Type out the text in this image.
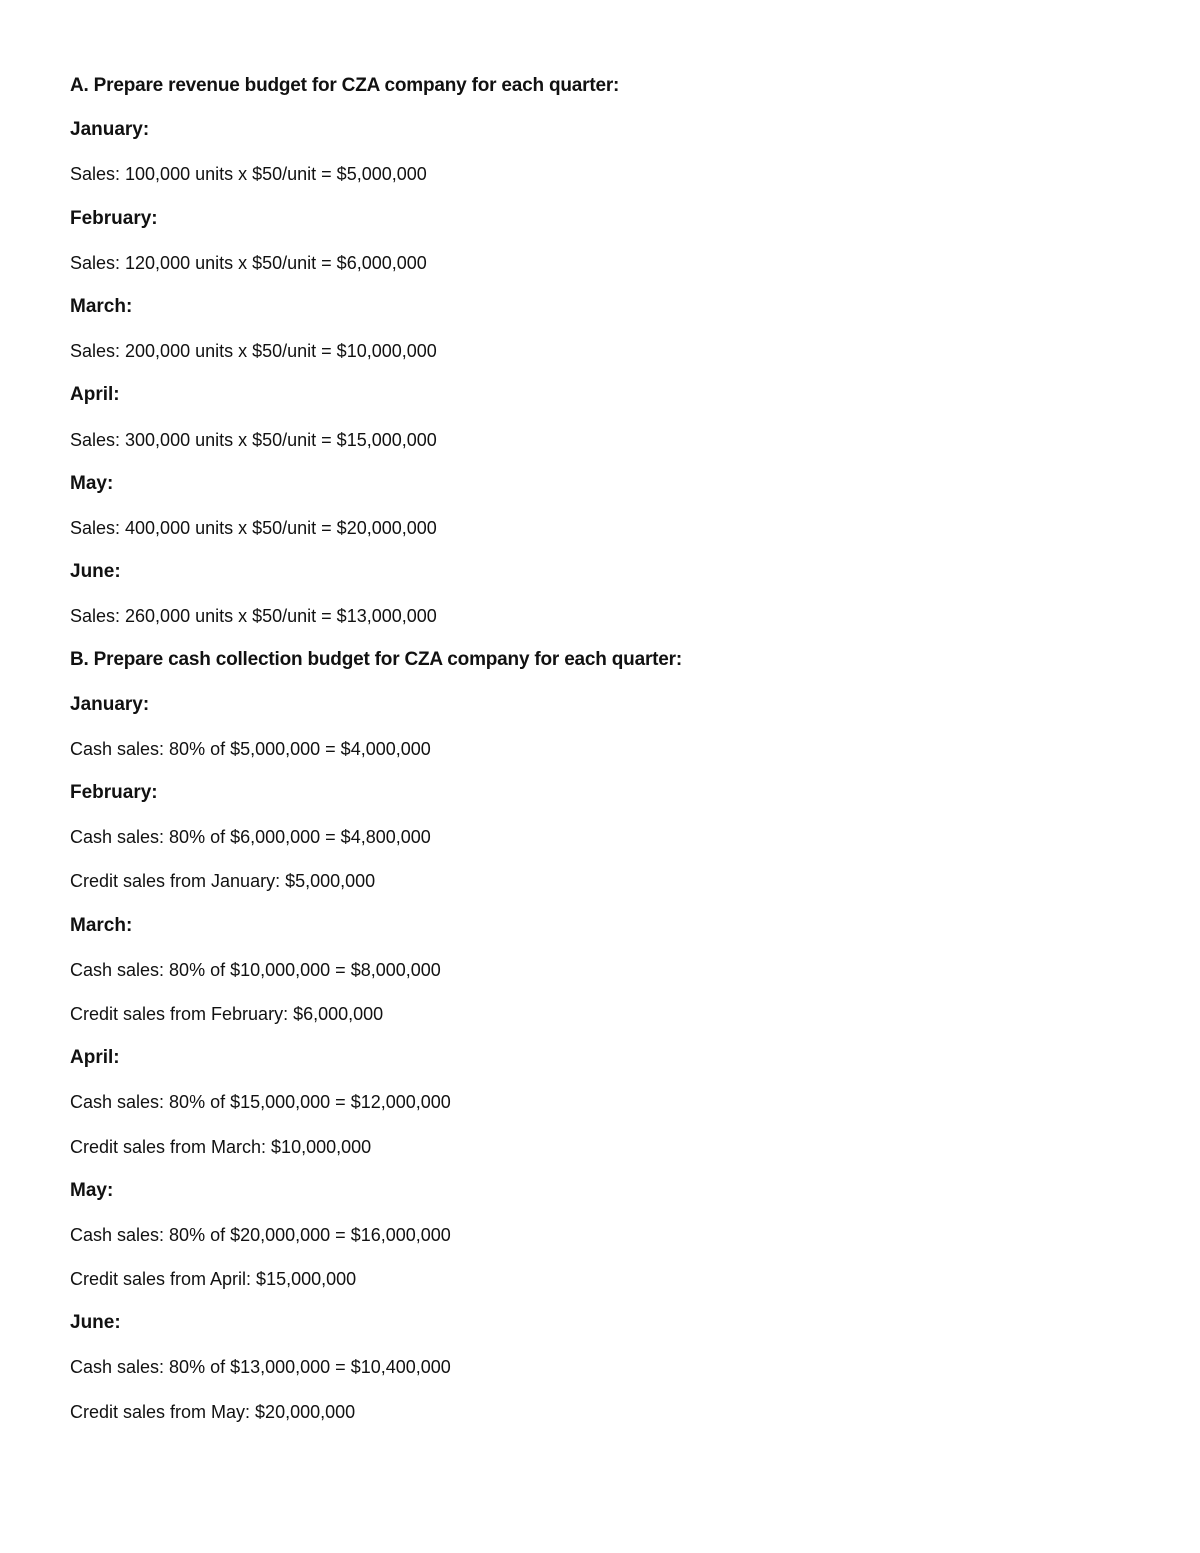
A. Prepare revenue budget for CZA company for each quarter:
January:
Sales: 100,000 units x $50/unit = $5,000,000
February:
Sales: 120,000 units x $50/unit = $6,000,000
March:
Sales: 200,000 units x $50/unit = $10,000,000
April:
Sales: 300,000 units x $50/unit = $15,000,000
May:
Sales: 400,000 units x $50/unit = $20,000,000
June:
Sales: 260,000 units x $50/unit = $13,000,000
B. Prepare cash collection budget for CZA company for each quarter:
January:
Cash sales: 80% of $5,000,000 = $4,000,000
February:
Cash sales: 80% of $6,000,000 = $4,800,000
Credit sales from January: $5,000,000
March:
Cash sales: 80% of $10,000,000 = $8,000,000
Credit sales from February: $6,000,000
April:
Cash sales: 80% of $15,000,000 = $12,000,000
Credit sales from March: $10,000,000
May:
Cash sales: 80% of $20,000,000 = $16,000,000
Credit sales from April: $15,000,000
June:
Cash sales: 80% of $13,000,000 = $10,400,000
Credit sales from May: $20,000,000
